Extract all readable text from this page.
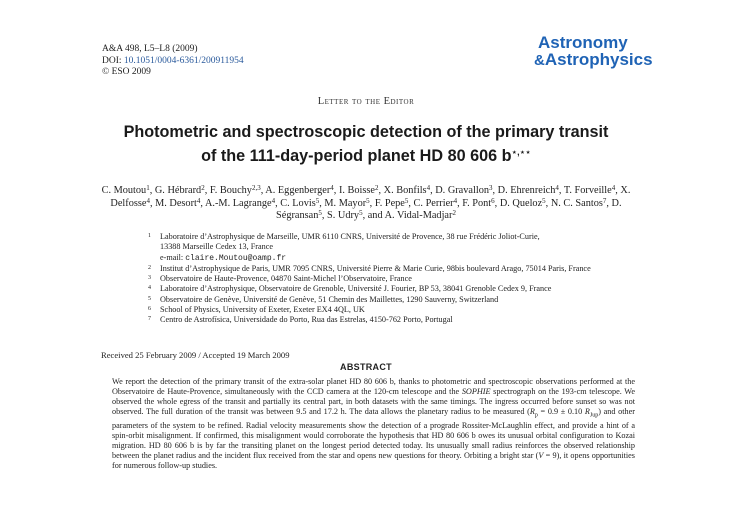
A&A 498, L5–L8 (2009)
DOI: 10.1051/0004-6361/200911954
© ESO 2009
Astronomy
&Astrophysics
Letter to the Editor
Photometric and spectroscopic detection of the primary transit
of the 111-day-period planet HD 80 606 b⋆,⋆⋆
C. Moutou$^1$, G. Hébrard$^2$, F. Bouchy$^{2,3}$, A. Eggenberger$^4$, I. Boisse$^2$, X. Bonfils$^4$, D. Gravallon$^3$, D. Ehrenreich$^4$, T. Forveille$^4$, X. Delfosse$^4$, M. Desort$^4$, A.-M. Lagrange$^4$, C. Lovis$^5$, M. Mayor$^5$, F. Pepe$^5$, C. Perrier$^4$, F. Pont$^6$, D. Queloz$^5$, N. C. Santos$^7$, D. Ségransan$^5$, S. Udry$^5$, and A. Vidal-Madjar$^2$
1 Laboratoire d’Astrophysique de Marseille, UMR 6110 CNRS, Université de Provence, 38 rue Frédéric Joliot-Curie,
13388 Marseille Cedex 13, France
e-mail: claire.Moutou@oamp.fr
2 Institut d’Astrophysique de Paris, UMR 7095 CNRS, Université Pierre & Marie Curie, 98bis boulevard Arago, 75014 Paris, France
3 Observatoire de Haute-Provence, 04870 Saint-Michel l’Observatoire, France
4 Laboratoire d’Astrophysique, Observatoire de Grenoble, Université J. Fourier, BP 53, 38041 Grenoble Cedex 9, France
5 Observatoire de Genève, Université de Genève, 51 Chemin des Maillettes, 1290 Sauverny, Switzerland
6 School of Physics, University of Exeter, Exeter EX4 4QL, UK
7 Centro de Astrofísica, Universidade do Porto, Rua das Estrelas, 4150-762 Porto, Portugal
Received 25 February 2009 / Accepted 19 March 2009
ABSTRACT
We report the detection of the primary transit of the extra-solar planet HD 80 606 b, thanks to photometric and spectroscopic observations performed at the Observatoire de Haute-Provence, simultaneously with the CCD camera at the 120-cm telescope and the SOPHIE spectrograph on the 193-cm telescope. We observed the whole egress of the transit and partially its central part, in both datasets with the same timings. The ingress occurred before sunset so was not observed. The full duration of the transit was between 9.5 and 17.2 h. The data allows the planetary radius to be measured ($R_p = 0.9 \pm 0.10$ $R_{Jup}$) and other parameters of the system to be refined. Radial velocity measurements show the detection of a prograde Rossiter-McLaughlin effect, and provide a hint of a spin-orbit misalignment. If confirmed, this misalignment would corroborate the hypothesis that HD 80 606 b owes its unusual orbital configuration to Kozai migration. HD 80 606 b is by far the transiting planet on the longest period detected today. Its unusually small radius reinforces the observed relationship between the planet radius and the incident flux received from the star and opens new questions for theory. Orbiting a bright star (V = 9), it opens opportunities for numerous follow-up studies.
